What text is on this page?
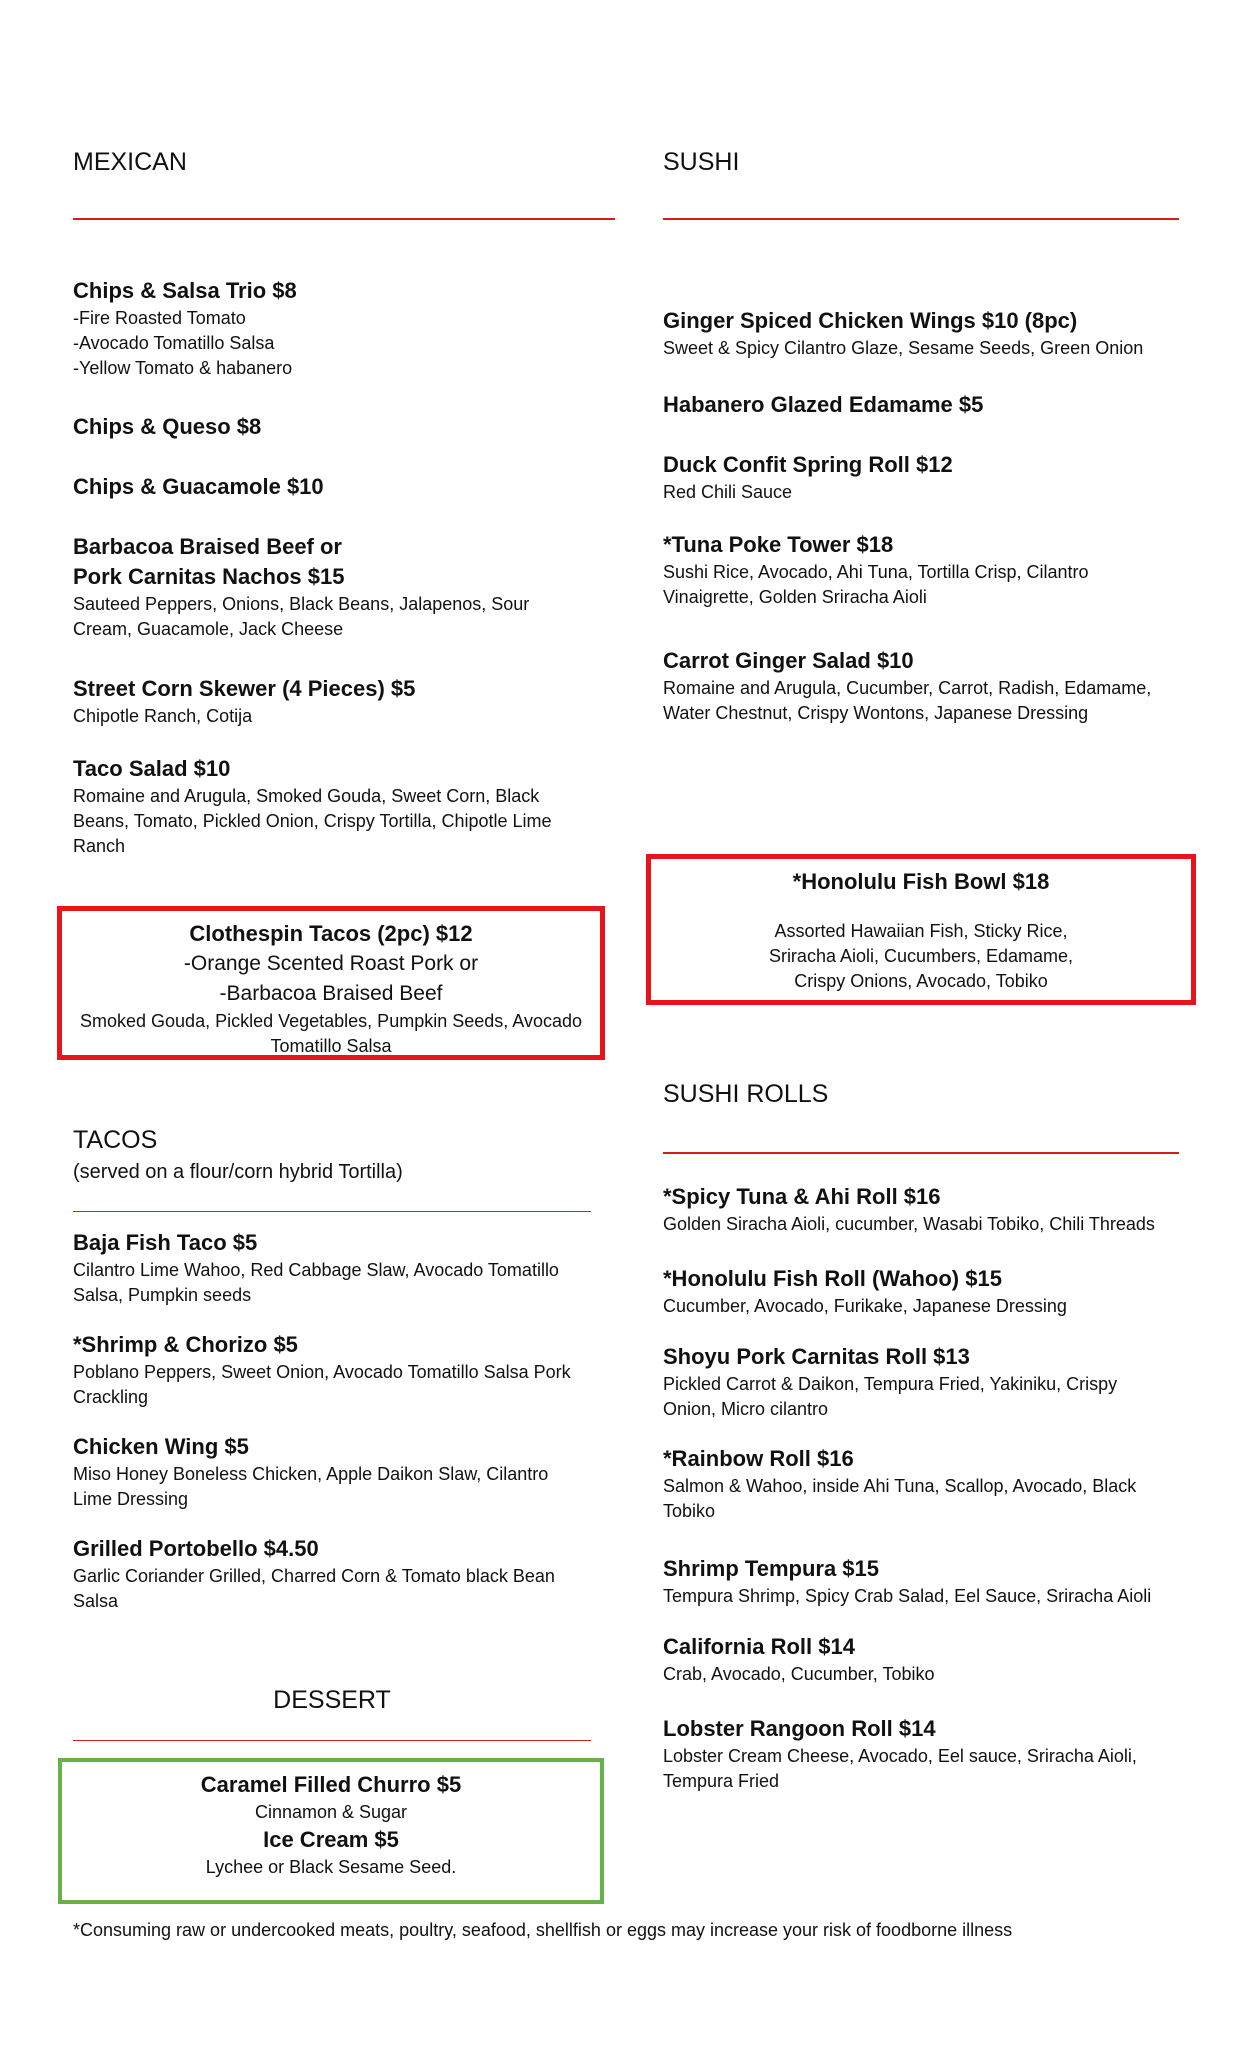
MEXICAN
Chips & Salsa Trio $8
-Fire Roasted Tomato
-Avocado Tomatillo Salsa
-Yellow Tomato & habanero
Chips & Queso $8
Chips & Guacamole $10
Barbacoa Braised Beef or
Pork Carnitas Nachos $15
Sauteed Peppers, Onions, Black Beans, Jalapenos, Sour
Cream, Guacamole, Jack Cheese
Street Corn Skewer (4 Pieces) $5
Chipotle Ranch, Cotija
Taco Salad $10
Romaine and Arugula, Smoked Gouda, Sweet Corn, Black
Beans, Tomato, Pickled Onion, Crispy Tortilla, Chipotle Lime
Ranch
Clothespin Tacos (2pc) $12
-Orange Scented Roast Pork or
-Barbacoa Braised Beef
Smoked Gouda, Pickled Vegetables, Pumpkin Seeds, Avocado
Tomatillo Salsa
TACOS
(served on a flour/corn hybrid Tortilla)
Baja Fish Taco $5
Cilantro Lime Wahoo, Red Cabbage Slaw, Avocado Tomatillo
Salsa, Pumpkin seeds
*Shrimp & Chorizo $5
Poblano Peppers, Sweet Onion, Avocado Tomatillo Salsa Pork
Crackling
Chicken Wing $5
Miso Honey Boneless Chicken, Apple Daikon Slaw, Cilantro
Lime Dressing
Grilled Portobello $4.50
Garlic Coriander Grilled, Charred Corn & Tomato black Bean
Salsa
DESSERT
Caramel Filled Churro $5
Cinnamon & Sugar
Ice Cream $5
Lychee or Black Sesame Seed.
SUSHI
Ginger Spiced Chicken Wings $10 (8pc)
Sweet & Spicy Cilantro Glaze, Sesame Seeds, Green Onion
Habanero Glazed Edamame $5
Duck Confit Spring Roll $12
Red Chili Sauce
*Tuna Poke Tower $18
Sushi Rice, Avocado, Ahi Tuna, Tortilla Crisp, Cilantro
Vinaigrette, Golden Sriracha Aioli
Carrot Ginger Salad $10
Romaine and Arugula, Cucumber, Carrot, Radish, Edamame,
Water Chestnut, Crispy Wontons, Japanese Dressing
*Honolulu Fish Bowl $18
Assorted Hawaiian Fish, Sticky Rice,
Sriracha Aioli, Cucumbers, Edamame,
Crispy Onions, Avocado, Tobiko
SUSHI ROLLS
*Spicy Tuna & Ahi Roll $16
Golden Siracha Aioli, cucumber, Wasabi Tobiko, Chili Threads
*Honolulu Fish Roll (Wahoo) $15
Cucumber, Avocado, Furikake, Japanese Dressing
Shoyu Pork Carnitas Roll $13
Pickled Carrot & Daikon, Tempura Fried, Yakiniku, Crispy
Onion, Micro cilantro
*Rainbow Roll $16
Salmon & Wahoo, inside Ahi Tuna, Scallop, Avocado, Black
Tobiko
Shrimp Tempura $15
Tempura Shrimp, Spicy Crab Salad, Eel Sauce, Sriracha Aioli
California Roll $14
Crab, Avocado, Cucumber, Tobiko
Lobster Rangoon Roll $14
Lobster Cream Cheese, Avocado, Eel sauce, Sriracha Aioli,
Tempura Fried
*Consuming raw or undercooked meats, poultry, seafood, shellfish or eggs may increase your risk of foodborne illness
